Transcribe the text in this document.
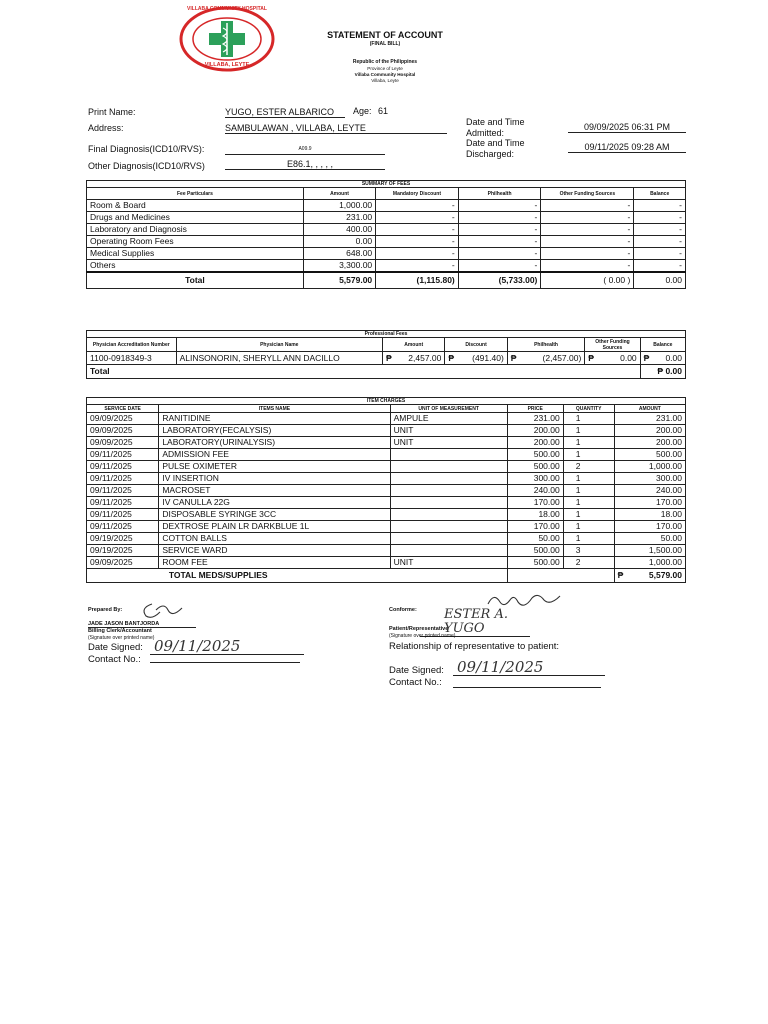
VILLABA COMMUNITY HOSPITAL
VILLABA, LEYTE
STATEMENT OF ACCOUNT
(FINAL BILL)
Republic of the Philippines
Province of Leyte
Villaba Community Hospital
Villaba, Leyte
Print Name:	YUGO, ESTER ALBARICO	Age: 61
Address:	SAMBULAWAN , VILLABA, LEYTE
Final Diagnosis(ICD10/RVS):	A09.9
Other Diagnosis(ICD10/RVS)	E86.1, , , , ,
Date and Time
Admitted:
09/09/2025 06:31 PM
Date and Time
Discharged:
09/11/2025 09:28 AM
SUMMARY OF FEES					
Fee Particulars	Amount	Mandatory Discount	Philhealth	Other Funding Sources	Balance
Room & Board	1,000.00	-	-	-	-
Drugs and Medicines	231.00	-	-	-	-
Laboratory and Diagnosis	400.00	-	-	-	-
Operating Room Fees	0.00	-	-	-	-
Medical Supplies	648.00	-	-	-	-
Others	3,300.00	-	-	-	-
Total	5,579.00	(1,115.80)	(5,733.00)	( 0.00 )	0.00
Professional Fees						
Physician Accreditation Number	Physician Name	Amount	Discount	Philhealth	Other Funding Sources	Balance
1100-0918349-3	ALINSONORIN, SHERYLL ANN DACILLO	₱ 2,457.00	₱ (491.40)	₱ (2,457.00)	₱ 0.00	₱ 0.00
Total						₱ 0.00
ITEM CHARGES					
SERVICE DATE	ITEMS NAME	UNIT OF MEASUREMENT	PRICE	QUANTITY	AMOUNT
09/09/2025	RANITIDINE	AMPULE	231.00	1	231.00
09/09/2025	LABORATORY(FECALYSIS)	UNIT	200.00	1	200.00
09/09/2025	LABORATORY(URINALYSIS)	UNIT	200.00	1	200.00
09/11/2025	ADMISSION FEE		500.00	1	500.00
09/11/2025	PULSE OXIMETER		500.00	2	1,000.00
09/11/2025	IV INSERTION		300.00	1	300.00
09/11/2025	MACROSET		240.00	1	240.00
09/11/2025	IV CANULLA 22G		170.00	1	170.00
09/11/2025	DISPOSABLE SYRINGE 3CC		18.00	1	18.00
09/11/2025	DEXTROSE PLAIN LR DARKBLUE 1L		170.00	1	170.00
09/19/2025	COTTON BALLS		50.00	1	50.00
09/19/2025	SERVICE WARD		500.00	3	1,500.00
09/09/2025	ROOM FEE	UNIT	500.00	2	1,000.00
	TOTAL MEDS/SUPPLIES				₱ 5,579.00
Prepared By:
JADE JASON BANTJORDA
Billing Clerk/Accountant
(Signature over printed name)
Date Signed: 09/11/2025
Contact No.:
Conforme:	ESTER A. YUGO
Patient/Representative
(Signature over printed name)
Relationship of representative to patient:
Date Signed: 09/11/2025
Contact No.:
